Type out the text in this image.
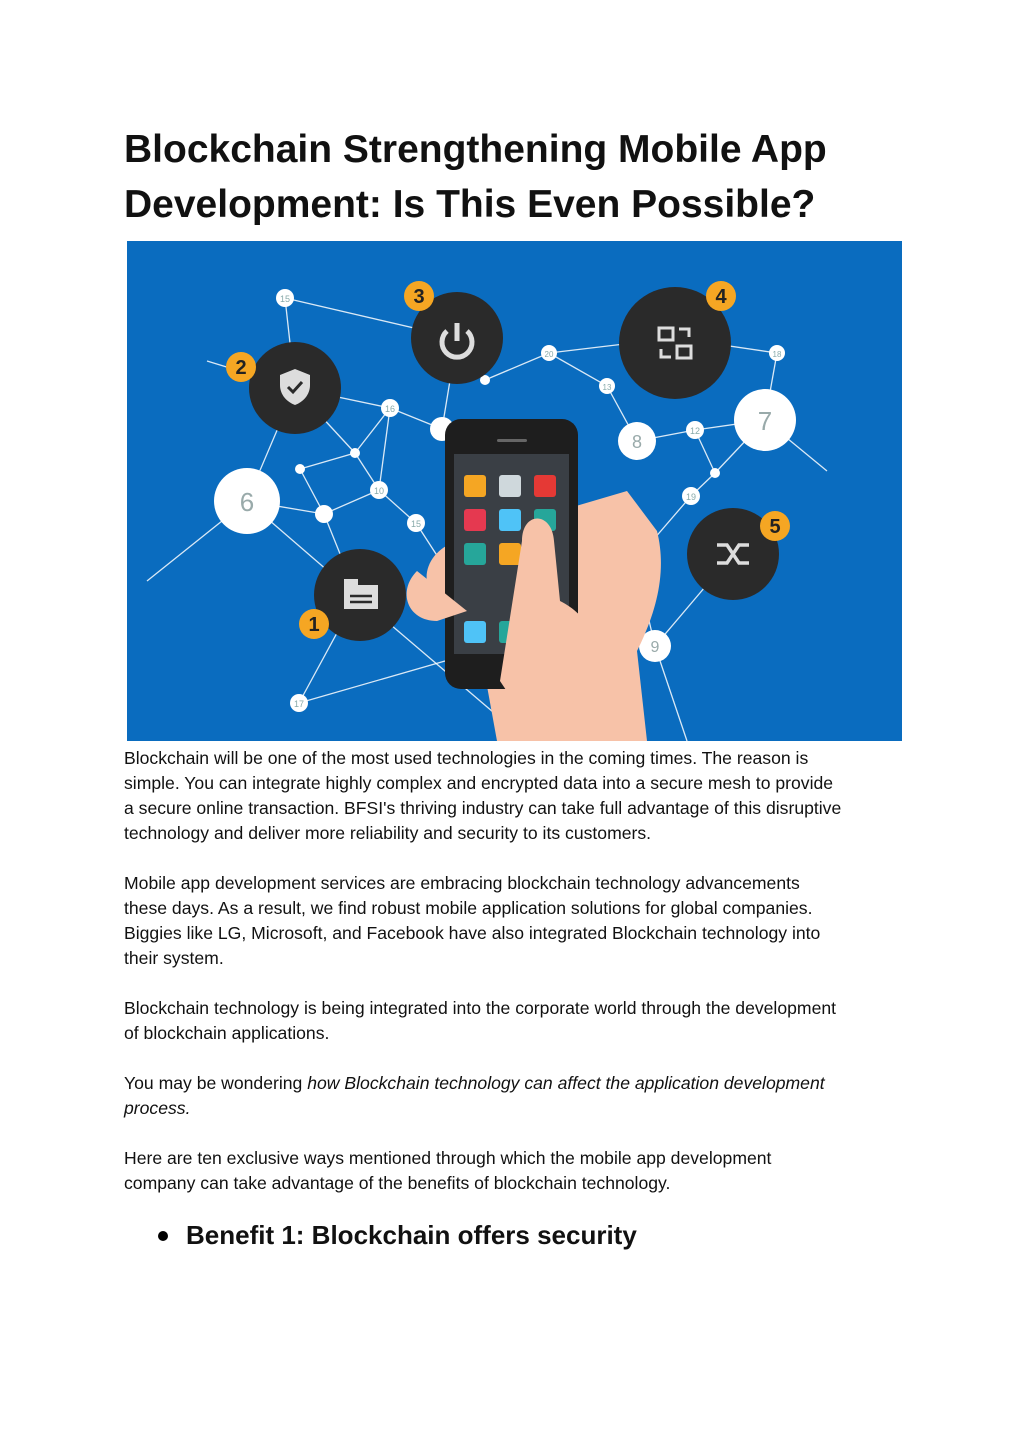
Blockchain Strengthening Mobile App
Development: Is This Even Possible?
15
16
10
15
20
13
12
18
19
17
6
7
8
9
3
2
4
5
1

Blockchain will be one of the most used technologies in the coming times. The reason is
simple. You can integrate highly complex and encrypted data into a secure mesh to provide
a secure online transaction. BFSI's thriving industry can take full advantage of this disruptive
technology and deliver more reliability and security to its customers.

Mobile app development services are embracing blockchain technology advancements
these days. As a result, we find robust mobile application solutions for global companies.
Biggies like LG, Microsoft, and Facebook have also integrated Blockchain technology into
their system.

Blockchain technology is being integrated into the corporate world through the development
of blockchain applications.

You may be wondering how Blockchain technology can affect the application development
process.

Here are ten exclusive ways mentioned through which the mobile app development
company can take advantage of the benefits of blockchain technology.

Benefit 1: Blockchain offers security
